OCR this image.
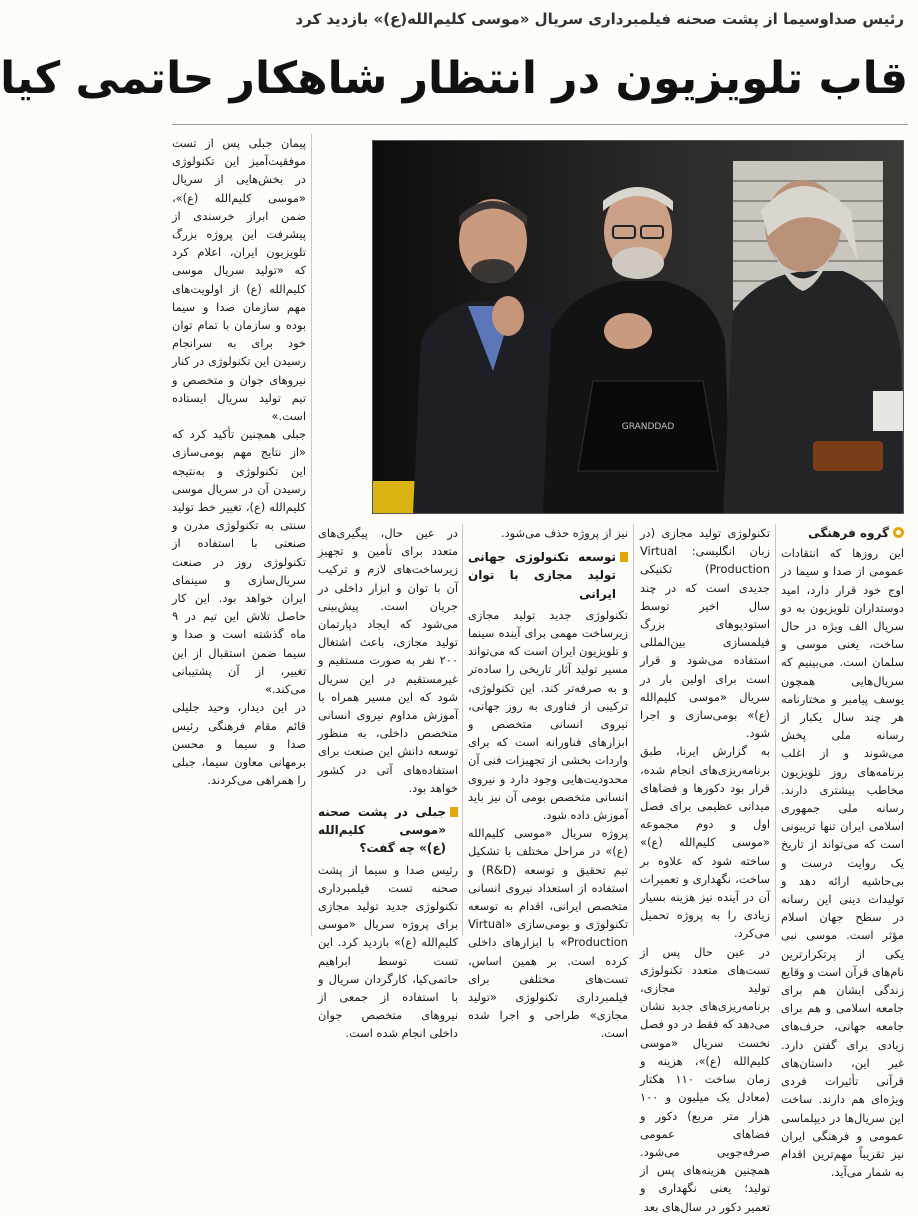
رئیس صداوسیما از پشت صحنه فیلمبرداری سریال «موسی کلیم‌الله(ع)» بازدید کرد
قاب تلویزیون در انتظار شاهکار حاتمی کیا
GRANDDAD
گروه فرهنگی

این روزها که انتقادات عمومی از صدا و سیما در اوج خود قرار دارد، امید دوستداران تلویزیون به دو سریال الف ویژه در حال ساخت، یعنی موسی و سلمان است. می‌بینیم که سریال‌هایی همچون یوسف پیامبر و مختارنامه هر چند سال یکبار از رسانه ملی پخش می‌شوند و از اغلب برنامه‌های روز تلویزیون مخاطب بیشتری دارند. رسانه ملی جمهوری اسلامی ایران تنها تریبونی است که می‌تواند از تاریخ یک روایت درست و بی‌حاشیه ارائه دهد و تولیدات دینی این رسانه در سطح جهان اسلام مؤثر است. موسی نبی یکی از پرتکرارترین نام‌های قرآن است و وقایع زندگی ایشان هم برای جامعه اسلامی و هم برای جامعه جهانی، حرف‌های زیادی برای گفتن دارد. غیر این، داستان‌های قرآنی تأثیرات فردی ویژه‌ای هم دارند. ساخت این سریال‌ها در دیپلماسی عمومی و فرهنگی ایران نیز تقریباً مهم‌ترین اقدام به شمار می‌آید.

تکنولوژی تولید مجازی (در زبان انگلیسی: Virtual Production) تکنیکی جدیدی است که در چند سال اخیر توسط استودیوهای بزرگ فیلمسازی بین‌المللی استفاده می‌شود و قرار است برای اولین بار در سریال «موسی کلیم‌الله (ع)» بومی‌سازی و اجرا شود.

به گزارش ایرنا، طبق برنامه‌ریزی‌های انجام شده، قرار بود دکورها و فضاهای میدانی عظیمی برای فصل اول و دوم مجموعه «موسی کلیم‌الله (ع)» ساخته شود که علاوه بر ساخت، نگهداری و تعمیرات آن در آینده نیز هزینه بسیار زیادی را به پروژه تحمیل می‌کرد.

در عین حال پس از تست‌های متعدد تکنولوژی تولید مجازی، برنامه‌ریزی‌های جدید نشان می‌دهد که فقط در دو فصل نخست سریال «موسی کلیم‌الله (ع)»، هزینه و زمان ساخت ۱۱۰ هکتار (معادل یک میلیون و ۱۰۰ هزار متر مربع) دکور و فضاهای عمومی صرفه‌جویی می‌شود. همچنین هزینه‌های پس از تولید؛ یعنی نگهداری و تعمیر دکور در سال‌های بعد

نیز از پروژه حذف می‌شود.

توسعه تکنولوژی جهانی تولید مجازی با توان ایرانی

تکنولوژی جدید تولید مجازی زیرساخت مهمی برای آینده سینما و تلویزیون ایران است که می‌تواند مسیر تولید آثار تاریخی را ساده‌تر و به صرفه‌تر کند. این تکنولوژی، ترکیبی از فناوری به روز جهانی، نیروی انسانی متخصص و ابزارهای فناورانه است که برای واردات بخشی از تجهیزات فنی آن محدودیت‌هایی وجود دارد و نیروی انسانی متخصص بومی آن نیز باید آموزش داده شود.

پروژه سریال «موسی کلیم‌الله (ع)» در مراحل مختلف با تشکیل تیم تحقیق و توسعه (R&D) و استفاده از استعداد نیروی انسانی متخصص ایرانی، اقدام به توسعه تکنولوژی و بومی‌سازی «Virtual Production» با ابزارهای داخلی کرده است. بر همین اساس، تست‌های مختلفی برای فیلمبرداری تکنولوژی «تولید مجازی» طراحی و اجرا شده است.

در عین حال، پیگیری‌های متعدد برای تأمین و تجهیز زیرساخت‌های لازم و ترکیب آن با توان و ابزار داخلی در جریان است. پیش‌بینی می‌شود که ایجاد دپارتمان تولید مجازی، باعث اشتغال ۲۰۰ نفر به صورت مستقیم و غیرمستقیم در این سریال شود که این مسیر همراه با آموزش مداوم نیروی انسانی متخصص داخلی، به منظور توسعه دانش این صنعت برای استفاده‌های آتی در کشور خواهد بود.

جبلی در پشت صحنه «موسی کلیم‌الله (ع)» چه گفت؟

رئیس صدا و سیما از پشت صحنه تست فیلمبرداری تکنولوژی جدید تولید مجازی برای پروژه سریال «موسی کلیم‌الله (ع)» بازدید کرد. این تست توسط ابراهیم حاتمی‌کیا، کارگردان سریال و با استفاده از جمعی از نیروهای متخصص جوان داخلی انجام شده است.

پیمان جبلی پس از تست موفقیت‌آمیز این تکنولوژی در بخش‌هایی از سریال «موسی کلیم‌الله (ع)»، ضمن ابراز خرسندی از پیشرفت این پروژه بزرگ تلویزیون ایران، اعلام کرد که «تولید سریال موسی کلیم‌الله (ع) از اولویت‌های مهم سازمان صدا و سیما بوده و سازمان با تمام توان خود برای به سرانجام رسیدن این تکنولوژی در کنار نیروهای جوان و متخصص و تیم تولید سریال ایستاده است.»

جبلی همچنین تأکید کرد که «از نتایج مهم بومی‌سازی این تکنولوژی و به‌نتیجه رسیدن آن در سریال موسی کلیم‌الله (ع)، تغییر خط تولید سنتی به تکنولوژی مدرن و صنعتی با استفاده از تکنولوژی روز در صنعت سریال‌سازی و سینمای ایران خواهد بود. این کار حاصل تلاش این تیم در ۹ ماه گذشته است و صدا و سیما ضمن استقبال از این تغییر، از آن پشتیبانی می‌کند.»

در این دیدار، وحید جلیلی قائم مقام فرهنگی رئیس صدا و سیما و محسن برمهانی معاون سیما، جبلی را همراهی می‌کردند.
